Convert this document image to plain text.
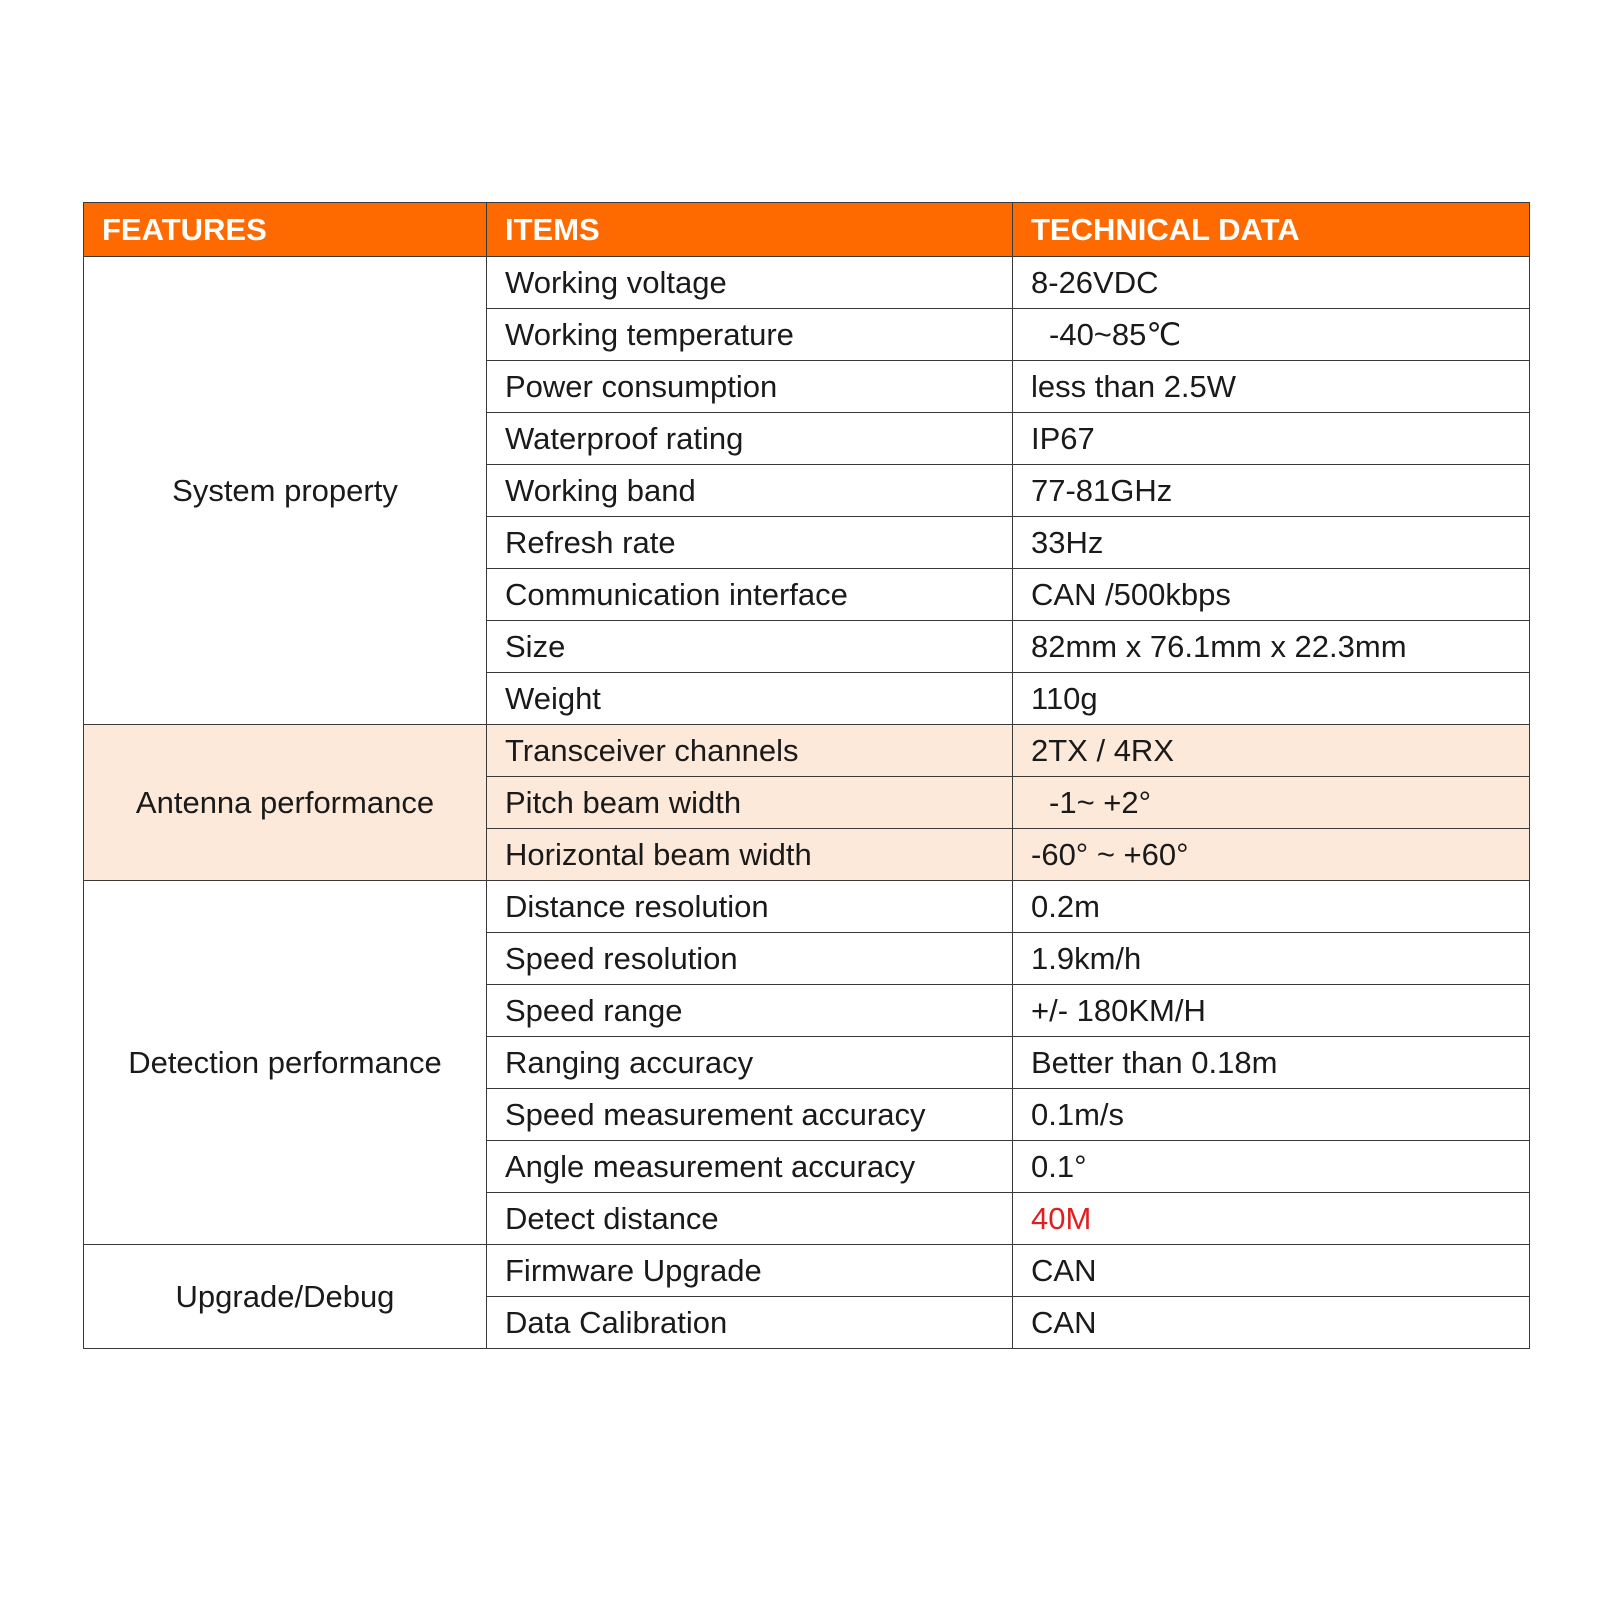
FEATURES	ITEMS	TECHNICAL DATA
System property	Working voltage	8-26VDC
	Working temperature	-40~85℃
	Power consumption	less than 2.5W
	Waterproof rating	IP67
	Working band	77-81GHz
	Refresh rate	33Hz
	Communication interface	CAN /500kbps
	Size	82mm x 76.1mm x 22.3mm
	Weight	110g
Antenna performance	Transceiver channels	2TX / 4RX
	Pitch beam width	-1~ +2°
	Horizontal beam width	-60° ~ +60°
Detection performance	Distance resolution	0.2m
	Speed resolution	1.9km/h
	Speed range	+/- 180KM/H
	Ranging accuracy	Better than 0.18m
	Speed measurement accuracy	0.1m/s
	Angle measurement accuracy	0.1°
	Detect distance	40M
Upgrade/Debug	Firmware Upgrade	CAN
	Data Calibration	CAN
